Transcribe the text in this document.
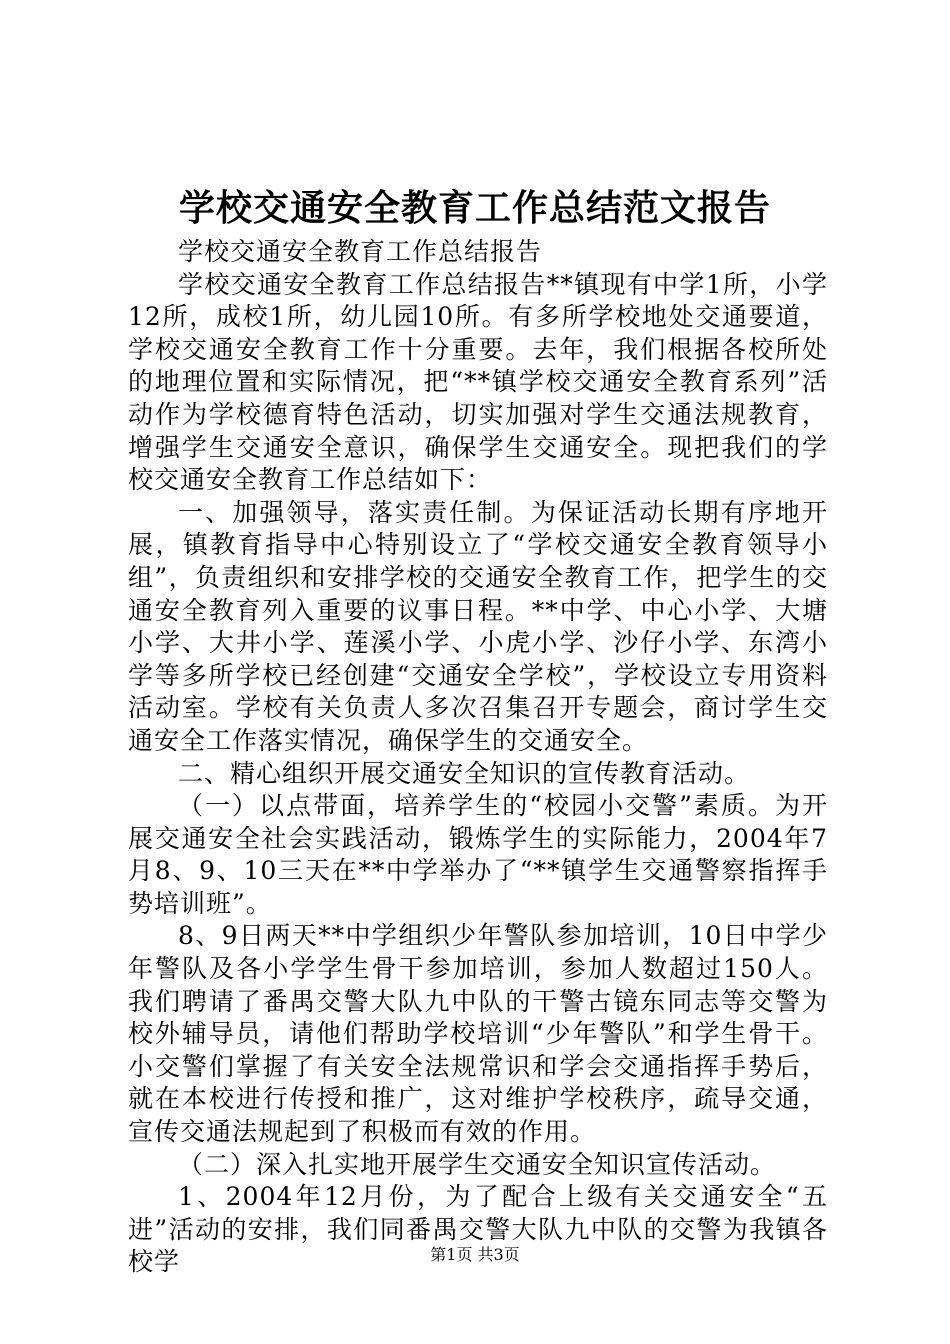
学校交通安全教育工作总结范文报告

学校交通安全教育工作总结报告

学校交通安全教育工作总结报告**镇现有中学1所，小学12所，成校1所，幼儿园10所。有多所学校地处交通要道，学校交通安全教育工作十分重要。去年，我们根据各校所处的地理位置和实际情况，把“**镇学校交通安全教育系列”活动作为学校德育特色活动，切实加强对学生交通法规教育，增强学生交通安全意识，确保学生交通安全。现把我们的学校交通安全教育工作总结如下：

一、加强领导，落实责任制。为保证活动长期有序地开展，镇教育指导中心特别设立了“学校交通安全教育领导小组”，负责组织和安排学校的交通安全教育工作，把学生的交通安全教育列入重要的议事日程。**中学、中心小学、大塘小学、大井小学、莲溪小学、小虎小学、沙仔小学、东湾小学等多所学校已经创建“交通安全学校”，学校设立专用资料活动室。学校有关负责人多次召集召开专题会，商讨学生交通安全工作落实情况，确保学生的交通安全。

二、精心组织开展交通安全知识的宣传教育活动。

（一）以点带面，培养学生的“校园小交警”素质。为开展交通安全社会实践活动，锻炼学生的实际能力，2004年7月8、9、10三天在**中学举办了“**镇学生交通警察指挥手势培训班”。

8、9日两天**中学组织少年警队参加培训，10日中学少年警队及各小学学生骨干参加培训，参加人数超过150人。我们聘请了番禺交警大队九中队的干警古镜东同志等交警为校外辅导员，请他们帮助学校培训“少年警队”和学生骨干。小交警们掌握了有关安全法规常识和学会交通指挥手势后，就在本校进行传授和推广，这对维护学校秩序，疏导交通，宣传交通法规起到了积极而有效的作用。

（二）深入扎实地开展学生交通安全知识宣传活动。

1、2004年12月份，为了配合上级有关交通安全“五进”活动的安排，我们同番禺交警大队九中队的交警为我镇各校学	第1页 共3页
